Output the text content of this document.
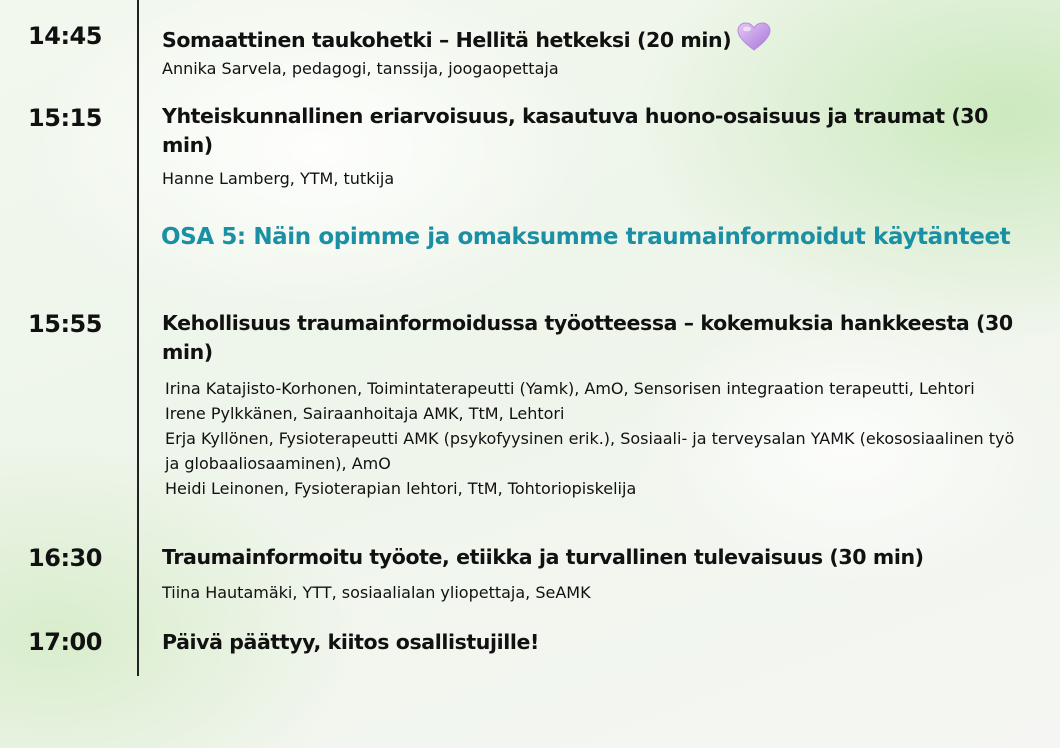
14:45	Somaattinen taukohetki – Hellitä hetkeksi (20 min)
Annika Sarvela, pedagogi, tanssija, joogaopettaja
15:15	Yhteiskunnallinen eriarvoisuus, kasautuva huono-osaisuus ja traumat (30 min)
Hanne Lamberg, YTM, tutkija
OSA 5: Näin opimme ja omaksumme traumainformoidut käytänteet
15:55	Kehollisuus traumainformoidussa työotteessa – kokemuksia hankkeesta (30 min)
Irina Katajisto-Korhonen, Toimintaterapeutti (Yamk), AmO, Sensorisen integraation terapeutti, Lehtori
Irene Pylkkänen, Sairaanhoitaja AMK, TtM, Lehtori
Erja Kyllönen, Fysioterapeutti AMK (psykofyysinen erik.), Sosiaali- ja terveysalan YAMK (ekososiaalinen työ ja globaaliosaaminen), AmO
Heidi Leinonen, Fysioterapian lehtori, TtM, Tohtoriopiskelija
16:30	Traumainformoitu työote, etiikka ja turvallinen tulevaisuus (30 min)
Tiina Hautamäki, YTT, sosiaalialan yliopettaja, SeAMK
17:00	Päivä päättyy, kiitos osallistujille!
